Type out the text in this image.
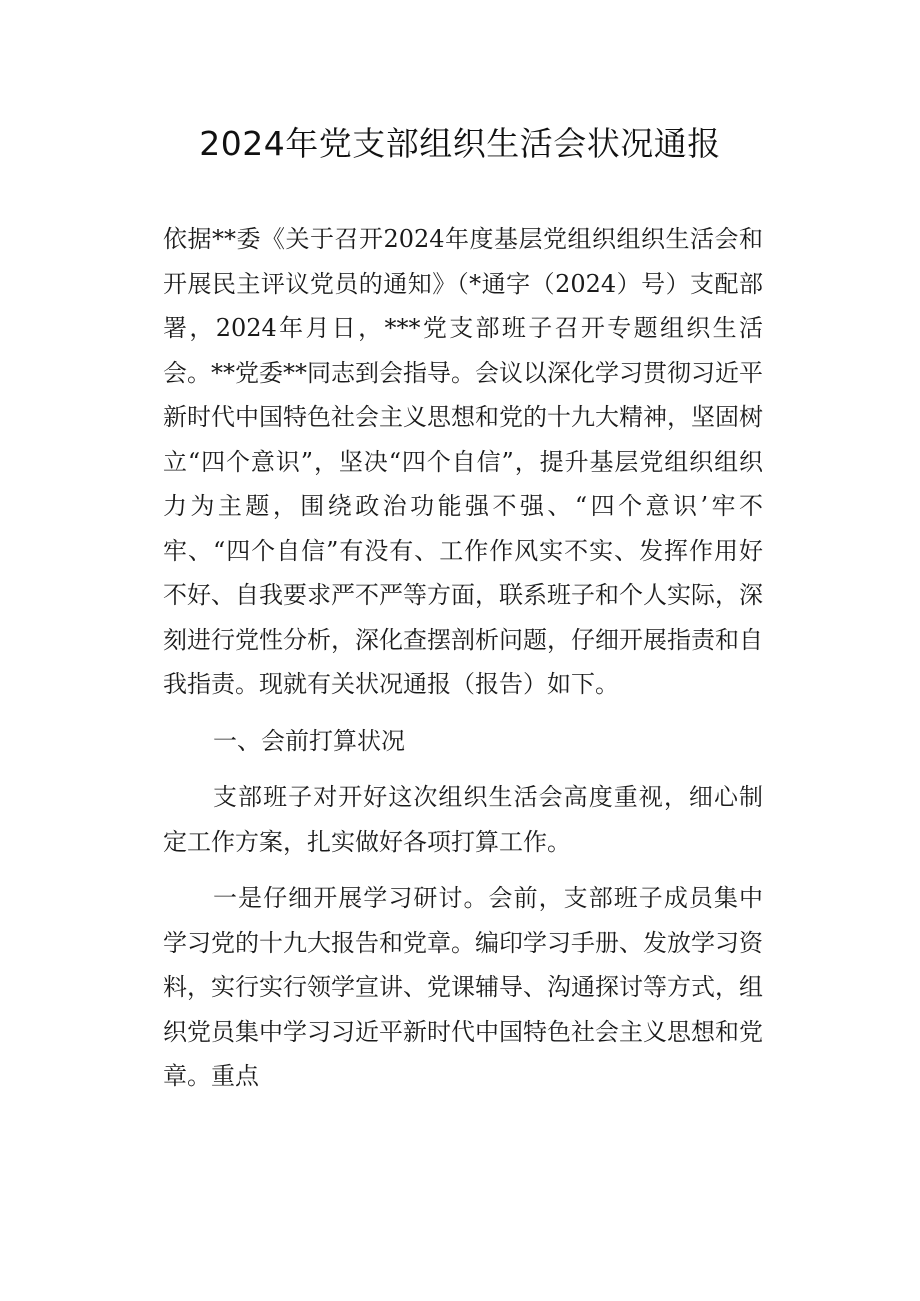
2024年党支部组织生活会状况通报

依据**委《关于召开2024年度基层党组织组织生活会和开展民主评议党员的通知》（*通字（2024）号）支配部署，2024年月日，***党支部班子召开专题组织生活会。**党委**同志到会指导。会议以深化学习贯彻习近平新时代中国特色社会主义思想和党的十九大精神，坚固树立“四个意识”，坚决“四个自信”，提升基层党组织组织力为主题，围绕政治功能强不强、“四个意识’牢不牢、“四个自信”有没有、工作作风实不实、发挥作用好不好、自我要求严不严等方面，联系班子和个人实际，深刻进行党性分析，深化查摆剖析问题，仔细开展指责和自我指责。现就有关状况通报（报告）如下。

一、会前打算状况

支部班子对开好这次组织生活会高度重视，细心制定工作方案，扎实做好各项打算工作。

一是仔细开展学习研讨。会前，支部班子成员集中学习党的十九大报告和党章。编印学习手册、发放学习资料，实行实行领学宣讲、党课辅导、沟通探讨等方式，组织党员集中学习习近平新时代中国特色社会主义思想和党章。重点
